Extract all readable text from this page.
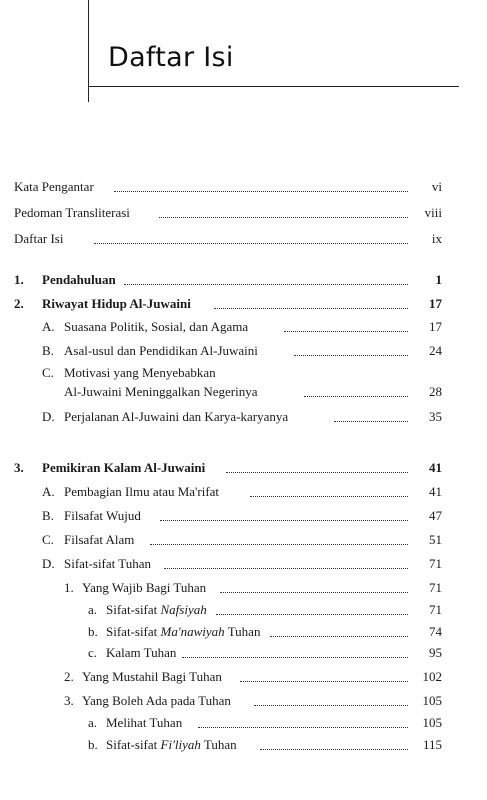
Daftar Isi
Kata Pengantar	vi
Pedoman Transliterasi	viii
Daftar Isi	ix
1. Pendahuluan	1
2. Riwayat Hidup Al-Juwaini	17
A. Suasana Politik, Sosial, dan Agama	17
B. Asal-usul dan Pendidikan Al-Juwaini	24
C. Motivasi yang Menyebabkan
Al-Juwaini Meninggalkan Negerinya	28
D. Perjalanan Al-Juwaini dan Karya-karyanya	35
3. Pemikiran Kalam Al-Juwaini	41
A. Pembagian Ilmu atau Ma'rifat	41
B. Filsafat Wujud	47
C. Filsafat Alam	51
D. Sifat-sifat Tuhan	71
1. Yang Wajib Bagi Tuhan	71
a. Sifat-sifat Nafsiyah	71
b. Sifat-sifat Ma'nawiyah Tuhan	74
c. Kalam Tuhan	95
2. Yang Mustahil Bagi Tuhan	102
3. Yang Boleh Ada pada Tuhan	105
a. Melihat Tuhan	105
b. Sifat-sifat Fi'liyah Tuhan	115
